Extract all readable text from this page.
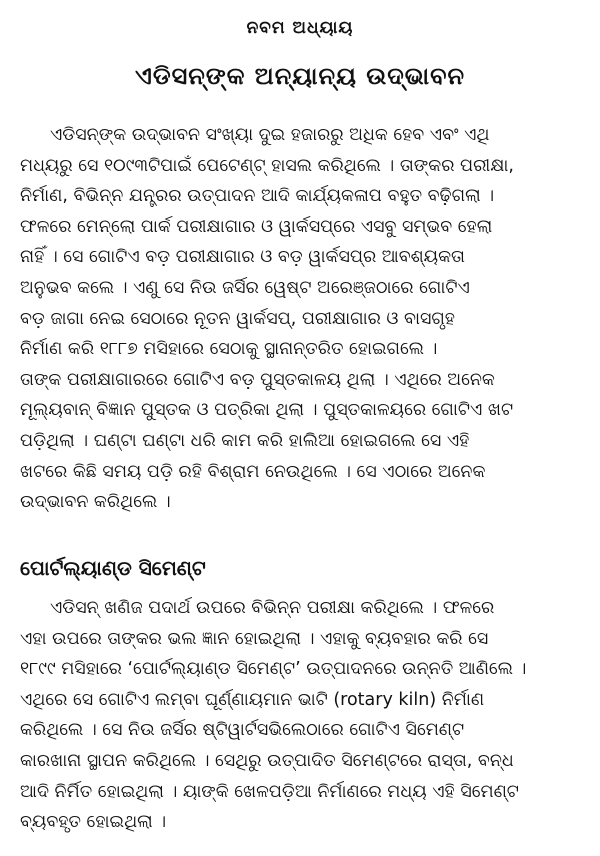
ନବମ ଅଧ୍ୟାୟ
ଏଡିସନ୍‌ଙ୍କ ଅନ୍ୟାନ୍ୟ ଉଦ୍ଭାବନ
ଏଡିସନ୍‌ଙ୍କ ଉଦ୍ଭାବନ ସଂଖ୍ୟା ଦୁଇ ହଜାରରୁ ଅଧିକ ହେବ ଏବଂ ଏଥି
ମଧ୍ୟରୁ ସେ ୧୦୯୩ଟିପାଇଁ ପେଟେଣ୍ଟ୍ ହାସଲ କରିଥିଲେ । ତାଙ୍କର ପରୀକ୍ଷା,
ନିର୍ମାଣ, ବିଭିନ୍ନ ଯନ୍ତ୍ରର ଉତ୍ପାଦନ ଆଦି କାର୍ଯ୍ୟକଳାପ ବହୁତ ବଢ଼ିଗଲା ।
ଫଳରେ ମେନ୍‌ଲୋ ପାର୍କ ପରୀକ୍ଷାଗାର ଓ ୱାର୍କସପ୍‌ରେ ଏସବୁ ସମ୍ଭବ ହେଲା
ନାହିଁ । ସେ ଗୋଟିଏ ବଡ଼ ପରୀକ୍ଷାଗାର ଓ ବଡ଼ ୱାର୍କସପ୍‌ର ଆବଶ୍ୟକତା
ଅନୁଭବ କଲେ । ଏଣୁ ସେ ନିଉ ଜର୍ସିର ୱେଷ୍ଟ ଅରେଞ୍ଜଠାରେ ଗୋଟିଏ
ବଡ଼ ଜାଗା ନେଇ ସେଠାରେ ନୂତନ ୱାର୍କସପ୍, ପରୀକ୍ଷାଗାର ଓ ବାସଗୃହ
ନିର୍ମାଣ କରି ୧୮୮୭ ମସିହାରେ ସେଠାକୁ ସ୍ଥାନାନ୍ତରିତ ହୋଇଗଲେ ।
ତାଙ୍କ ପରୀକ୍ଷାଗାରରେ ଗୋଟିଏ ବଡ଼ ପୁସ୍ତକାଳୟ ଥିଲା । ଏଥିରେ ଅନେକ
ମୂଲ୍ୟବାନ୍ ବିଜ୍ଞାନ ପୁସ୍ତକ ଓ ପତ୍ରିକା ଥିଲା । ପୁସ୍ତକାଳୟରେ ଗୋଟିଏ ଖଟ
ପଡ଼ିଥିଲା । ଘଣ୍ଟା ଘଣ୍ଟା ଧରି କାମ କରି ହାଲିଆ ହୋଇଗଲେ ସେ ଏହି
ଖଟରେ କିଛି ସମୟ ପଡ଼ି ରହି ବିଶ୍ରାମ ନେଉଥିଲେ । ସେ ଏଠାରେ ଅନେକ
ଉଦ୍ଭାବନ କରିଥିଲେ ।
ପୋର୍ଟଲ୍ୟାଣ୍ଡ ସିମେଣ୍ଟ
ଏଡିସନ୍ ଖଣିଜ ପଦାର୍ଥ ଉପରେ ବିଭିନ୍ନ ପରୀକ୍ଷା କରିଥିଲେ । ଫଳରେ
ଏହା ଉପରେ ତାଙ୍କର ଭଲ ଜ୍ଞାନ ହୋଇଥିଲା । ଏହାକୁ ବ୍ୟବହାର କରି ସେ
୧୮୯୯ ମସିହାରେ ‘ପୋର୍ଟଲ୍ୟାଣ୍ଡ ସିମେଣ୍ଟ’ ଉତ୍ପାଦନରେ ଉନ୍ନତି ଆଣିଲେ ।
ଏଥିରେ ସେ ଗୋଟିଏ ଲମ୍ବା ଘୂର୍ଣ୍ଣାୟମାନ ଭାଟି (rotary kiln) ନିର୍ମାଣ
କରିଥିଲେ । ସେ ନିଉ ଜର୍ସିର ଷ୍ଟିୱାର୍ଟସଭିଲେଠାରେ ଗୋଟିଏ ସିମେଣ୍ଟ
କାରଖାନା ସ୍ଥାପନ କରିଥିଲେ । ସେଥିରୁ ଉତ୍ପାଦିତ ସିମେଣ୍ଟରେ ରାସ୍ତା, ବନ୍ଧ
ଆଦି ନିର୍ମିତ ହୋଇଥିଲା । ୟାଙ୍କି ଖେଳପଡ଼ିଆ ନିର୍ମାଣରେ ମଧ୍ୟ ଏହି ସିମେଣ୍ଟ
ବ୍ୟବହୃତ ହୋଇଥିଲା ।
